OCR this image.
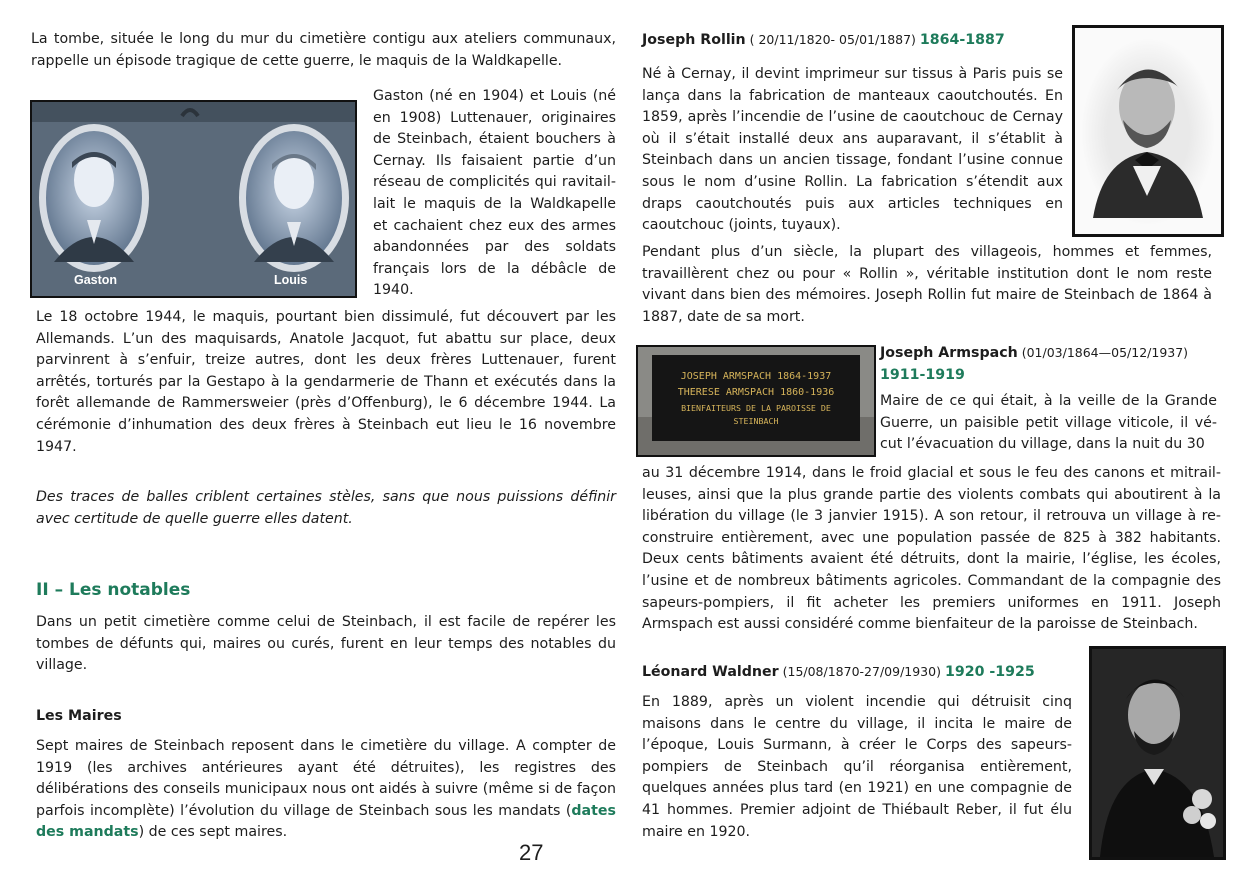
La tombe, située le long du mur du cimetière contigu aux ateliers communaux, rappelle un épisode tragique de cette guerre, le maquis de la Waldkapelle.

Gaston	Louis

Gaston (né en 1904) et Louis (né en 1908) Luttenauer, originaires de Steinbach, étaient bouchers à Cernay. Ils faisaient partie d’un réseau de complicités qui ravitail-lait le maquis de la Waldkapelle et cachaient chez eux des armes abandonnées par des soldats français lors de la débâcle de 1940.

Le 18 octobre 1944, le maquis, pourtant bien dissimulé, fut découvert par les Allemands. L’un des maquisards, Anatole Jacquot, fut abattu sur place, deux parvinrent à s’enfuir, treize autres, dont les deux frères Luttenauer, furent arrêtés, torturés par la Gestapo à la gendarmerie de Thann et exécutés dans la forêt allemande de Rammersweier (près d’Offenburg), le 6 décembre 1944. La cérémonie d’inhumation des deux frères à Steinbach eut lieu le 16 novembre 1947.

Des traces de balles criblent certaines stèles, sans que nous puissions définir avec certitude de quelle guerre elles datent.

II – Les notables

Dans un petit cimetière comme celui de Steinbach, il est facile de repérer les tombes de défunts qui, maires ou curés, furent en leur temps des notables du village.

Les Maires

Sept maires de Steinbach reposent dans le cimetière du village. A compter de 1919 (les archives antérieures ayant été détruites), les registres des délibérations des conseils municipaux nous ont aidés à suivre (même si de façon parfois incomplète) l’évolution du village de Steinbach sous les mandats (dates des mandats) de ces sept maires.

27

Joseph Rollin ( 20/11/1820- 05/01/1887) 1864-1887

Né à Cernay, il devint imprimeur sur tissus à Paris puis se lança dans la fabrication de manteaux caoutchoutés. En 1859, après l’incendie de l’usine de caoutchouc de Cernay où il s’était installé deux ans auparavant, il s’établit à Steinbach dans un ancien tissage, fondant l’usine connue sous le nom d’usine Rollin. La fabrication s’étendit aux draps caoutchoutés puis aux articles techniques en caoutchouc (joints, tuyaux).

Pendant plus d’un siècle, la plupart des villageois, hommes et femmes, travaillèrent chez ou pour « Rollin », véritable institution dont le nom reste vivant dans bien des mémoires. Joseph Rollin fut maire de Steinbach de 1864 à 1887, date de sa mort.

JOSEPH ARMSPACH 1864-1937
THERESE ARMSPACH 1860-1936
BIENFAITEURS DE LA PAROISSE DE
STEINBACH

Joseph Armspach (01/03/1864—05/12/1937)
1911-1919

Maire de ce qui était, à la veille de la Grande Guerre, un paisible petit village viticole, il vé-cut l’évacuation du village, dans la nuit du 30

au 31 décembre 1914, dans le froid glacial et sous le feu des canons et mitrail-leuses, ainsi que la plus grande partie des violents combats qui aboutirent à la libération du village (le 3 janvier 1915). A son retour, il retrouva un village à re-construire entièrement, avec une population passée de 825 à 382 habitants. Deux cents bâtiments avaient été détruits, dont la mairie, l’église, les écoles, l’usine et de nombreux bâtiments agricoles. Commandant de la compagnie des sapeurs-pompiers, il fit acheter les premiers uniformes en 1911. Joseph Armspach est aussi considéré comme bienfaiteur de la paroisse de Steinbach.

Léonard Waldner (15/08/1870-27/09/1930) 1920 -1925

En 1889, après un violent incendie qui détruisit cinq maisons dans le centre du village, il incita le maire de l’époque, Louis Surmann, à créer le Corps des sapeurs-pompiers de Steinbach qu’il réorganisa entièrement, quelques années plus tard (en 1921) en une compagnie de 41 hommes. Premier adjoint de Thiébault Reber, il fut élu maire en 1920.
